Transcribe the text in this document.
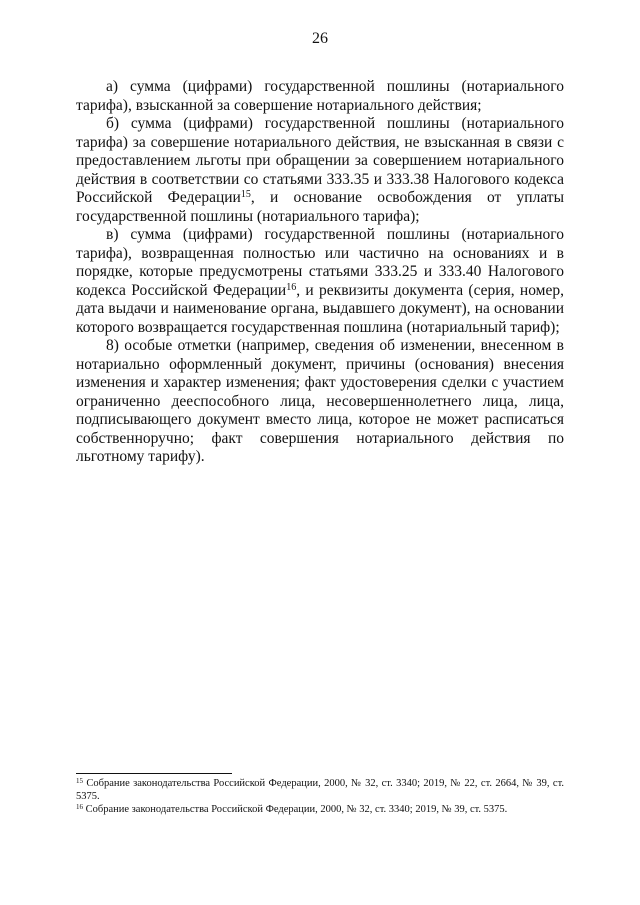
26

а) сумма (цифрами) государственной пошлины (нотариального тарифа), взысканной за совершение нотариального действия;

б) сумма (цифрами) государственной пошлины (нотариального тарифа) за совершение нотариального действия, не взысканная в связи с предоставлением льготы при обращении за совершением нотариального действия в соответствии со статьями 333.35 и 333.38 Налогового кодекса Российской Федерации$^{15}$, и основание освобождения от уплаты государственной пошлины (нотариального тарифа);

в) сумма (цифрами) государственной пошлины (нотариального тарифа), возвращенная полностью или частично на основаниях и в порядке, которые предусмотрены статьями 333.25 и 333.40 Налогового кодекса Российской Федерации$^{16}$, и реквизиты документа (серия, номер, дата выдачи и наименование органа, выдавшего документ), на основании которого возвращается государственная пошлина (нотариальный тариф);

8) особые отметки (например, сведения об изменении, внесенном в нотариально оформленный документ, причины (основания) внесения изменения и характер изменения; факт удостоверения сделки с участием ограниченно дееспособного лица, несовершеннолетнего лица, лица, подписывающего документ вместо лица, которое не может расписаться собственноручно; факт совершения нотариального действия по льготному тарифу).

$^{15}$ Собрание законодательства Российской Федерации, 2000, № 32, ст. 3340; 2019, № 22, ст. 2664, № 39, ст. 5375.

$^{16}$ Собрание законодательства Российской Федерации, 2000, № 32, ст. 3340; 2019, № 39, ст. 5375.
